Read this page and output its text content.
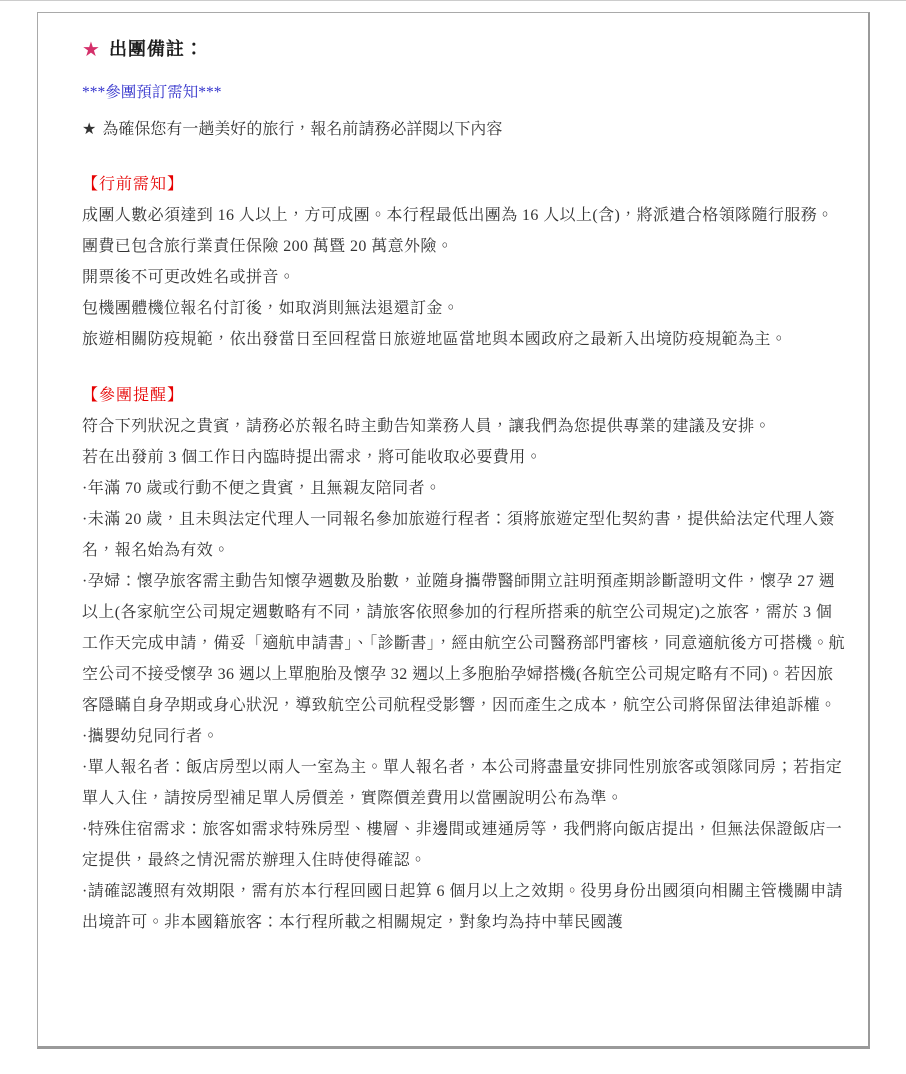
★ 出團備註：
***參團預訂需知***
★ 為確保您有一趟美好的旅行，報名前請務必詳閱以下內容
【行前需知】
成團人數必須達到 16 人以上，方可成團。本行程最低出團為 16 人以上(含)，將派遣合格領隊隨行服務。
團費已包含旅行業責任保險 200 萬暨 20 萬意外險。
開票後不可更改姓名或拼音。
包機團體機位報名付訂後，如取消則無法退還訂金。
旅遊相關防疫規範，依出發當日至回程當日旅遊地區當地與本國政府之最新入出境防疫規範為主。
【參團提醒】
符合下列狀況之貴賓，請務必於報名時主動告知業務人員，讓我們為您提供專業的建議及安排。
若在出發前 3 個工作日內臨時提出需求，將可能收取必要費用。
·年滿 70 歲或行動不便之貴賓，且無親友陪同者。
·未滿 20 歲，且未與法定代理人一同報名參加旅遊行程者：須將旅遊定型化契約書，提供給法定代理人簽名，報名始為有效。
·孕婦：懷孕旅客需主動告知懷孕週數及胎數，並隨身攜帶醫師開立註明預產期診斷證明文件，懷孕 27 週以上(各家航空公司規定週數略有不同，請旅客依照參加的行程所搭乘的航空公司規定)之旅客，需於 3 個工作天完成申請，備妥「適航申請書」、「診斷書」，經由航空公司醫務部門審核，同意適航後方可搭機。航空公司不接受懷孕 36 週以上單胞胎及懷孕 32 週以上多胞胎孕婦搭機(各航空公司規定略有不同)。若因旅客隱瞞自身孕期或身心狀況，導致航空公司航程受影響，因而產生之成本，航空公司將保留法律追訴權。
·攜嬰幼兒同行者。
·單人報名者：飯店房型以兩人一室為主。單人報名者，本公司將盡量安排同性別旅客或領隊同房；若指定單人入住，請按房型補足單人房價差，實際價差費用以當團說明公布為準。
·特殊住宿需求：旅客如需求特殊房型、樓層、非邊間或連通房等，我們將向飯店提出，但無法保證飯店一定提供，最終之情況需於辦理入住時使得確認。
·請確認護照有效期限，需有於本行程回國日起算 6 個月以上之效期。役男身份出國須向相關主管機關申請出境許可。非本國籍旅客：本行程所載之相關規定，對象均為持中華民國護
